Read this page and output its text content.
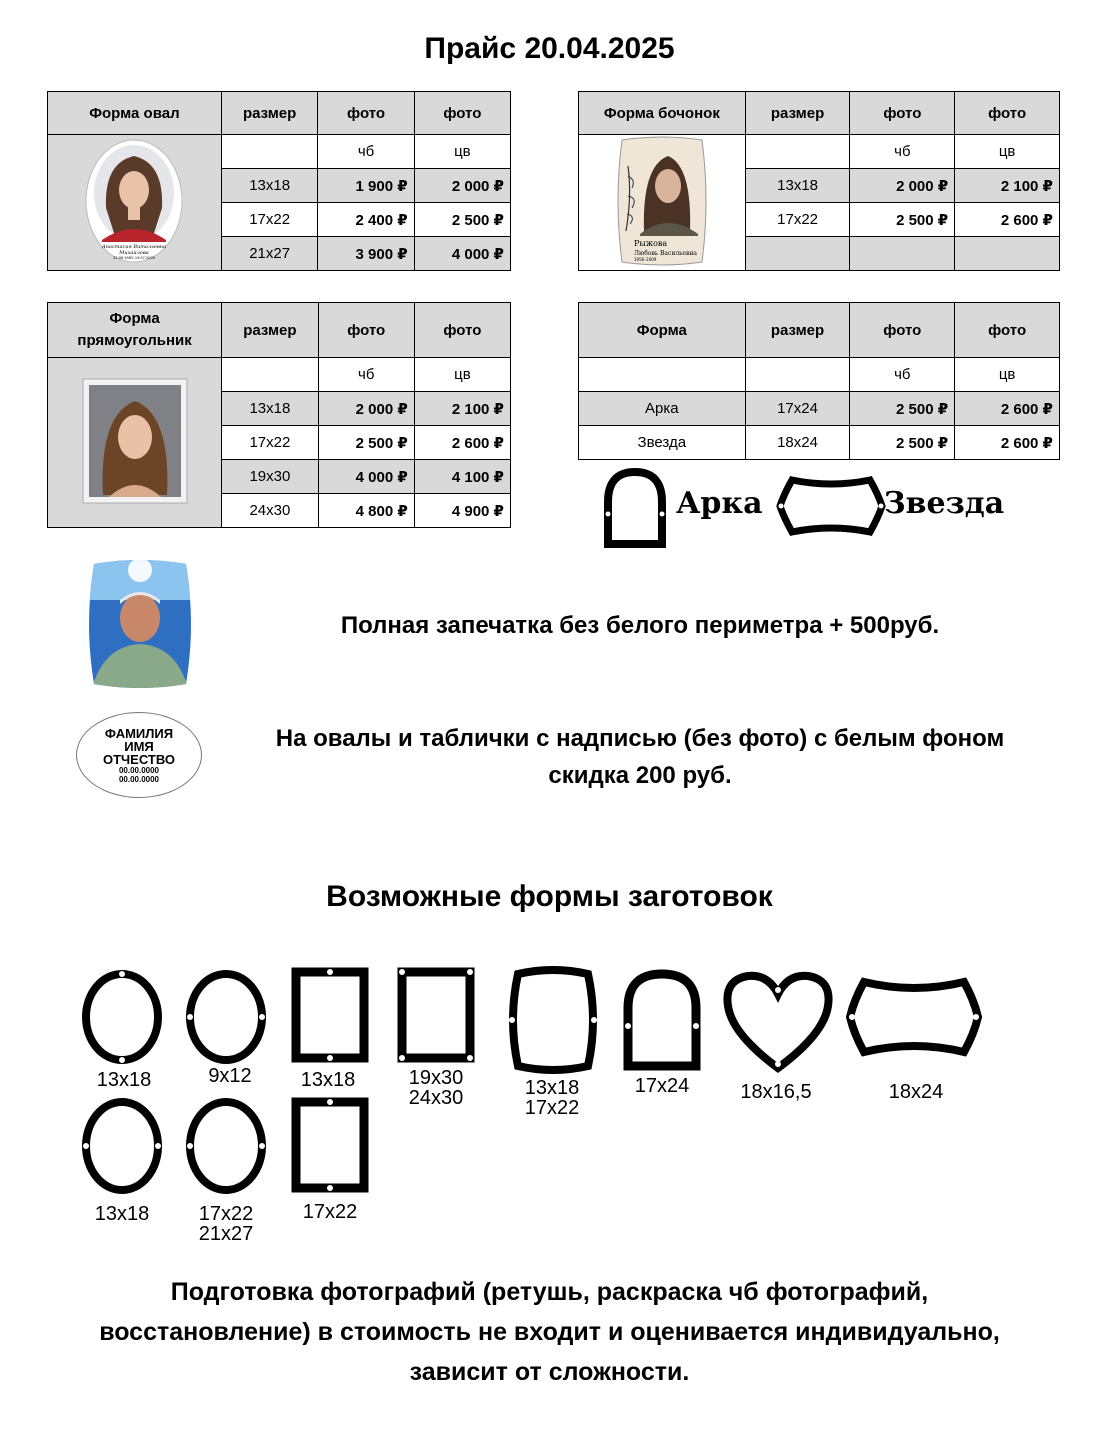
Прайс 20.04.2025
Форма овал	размер	фото	фото

Анастасия Витальевна
Михайлова
22.06.1983–19.07.2009		чб	цв
	13х18	1 900 ₽	2 000 ₽
	17х22	2 400 ₽	2 500 ₽
	21х27	3 900 ₽	4 000 ₽
Форма бочонок	размер	фото	фото

Рыжова
Любовь Васильевна
1956–2009		чб	цв
	13х18	2 000 ₽	2 100 ₽
	17х22	2 500 ₽	2 600 ₽

Форма прямоугольник	размер	фото	фото
		чб	цв
	13х18	2 000 ₽	2 100 ₽
	17х22	2 500 ₽	2 600 ₽
	19х30	4 000 ₽	4 100 ₽
	24х30	4 800 ₽	4 900 ₽
Форма	размер	фото	фото
		чб	цв
Арка	17х24	2 500 ₽	2 600 ₽
Звезда	18х24	2 500 ₽	2 600 ₽
Арка	Звезда
Полная запечатка без белого периметра + 500руб.
ФАМИЛИЯ
ИМЯ
ОТЧЕСТВО
00.00.0000
00.00.0000
На овалы и таблички с надписью (без фото) с белым фоном
скидка 200 руб.
Возможные формы заготовок
13х18	9х12	13х18	19х30
24х30	13х18
17х22
17х24	18х16,5	18х24
13х18	17х22
21х27
17х22
Подготовка фотографий (ретушь, раскраска чб фотографий,
восстановление) в стоимость не входит и оценивается индивидуально,
зависит от сложности.
